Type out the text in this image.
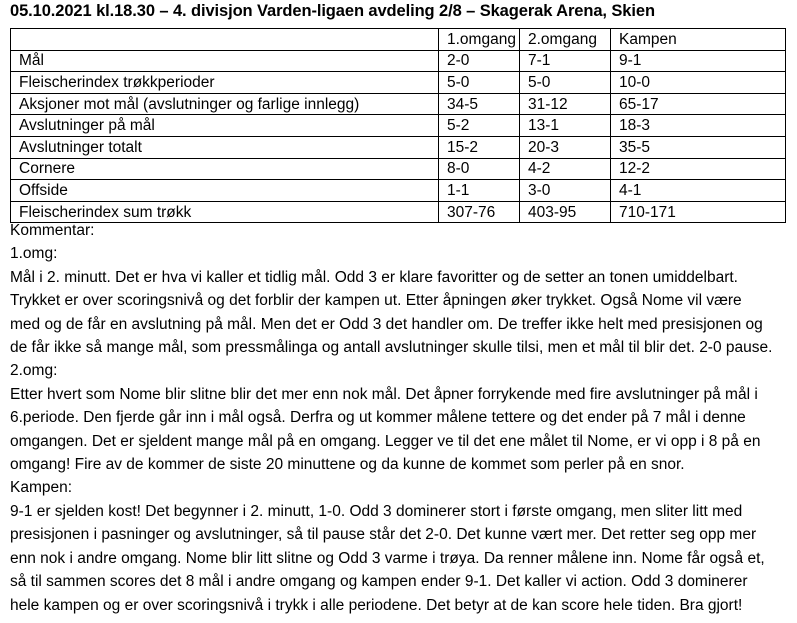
05.10.2021 kl.18.30 – 4. divisjon Varden-ligaen avdeling 2/8 – Skagerak Arena, Skien
	1.omgang	2.omgang	Kampen
Mål	2-0	7-1	9-1
Fleischerindex trøkkperioder	5-0	5-0	10-0
Aksjoner mot mål (avslutninger og farlige innlegg)	34-5	31-12	65-17
Avslutninger på mål	5-2	13-1	18-3
Avslutninger totalt	15-2	20-3	35-5
Cornere	8-0	4-2	12-2
Offside	1-1	3-0	4-1
Fleischerindex sum trøkk	307-76	403-95	710-171
Kommentar:
1.omg:
Mål i 2. minutt. Det er hva vi kaller et tidlig mål. Odd 3 er klare favoritter og de setter an tonen umiddelbart.
Trykket er over scoringsnivå og det forblir der kampen ut. Etter åpningen øker trykket. Også Nome vil være
med og de får en avslutning på mål. Men det er Odd 3 det handler om. De treffer ikke helt med presisjonen og
de får ikke så mange mål, som pressmålinga og antall avslutninger skulle tilsi, men et mål til blir det. 2-0 pause.
2.omg:
Etter hvert som Nome blir slitne blir det mer enn nok mål. Det åpner forrykende med fire avslutninger på mål i
6.periode. Den fjerde går inn i mål også. Derfra og ut kommer målene tettere og det ender på 7 mål i denne
omgangen. Det er sjeldent mange mål på en omgang. Legger ve til det ene målet til Nome, er vi opp i 8 på en
omgang! Fire av de kommer de siste 20 minuttene og da kunne de kommet som perler på en snor.
Kampen:
9-1 er sjelden kost! Det begynner i 2. minutt, 1-0. Odd 3 dominerer stort i første omgang, men sliter litt med
presisjonen i pasninger og avslutninger, så til pause står det 2-0. Det kunne vært mer. Det retter seg opp mer
enn nok i andre omgang. Nome blir litt slitne og Odd 3 varme i trøya. Da renner målene inn. Nome får også et,
så til sammen scores det 8 mål i andre omgang og kampen ender 9-1. Det kaller vi action. Odd 3 dominerer
hele kampen og er over scoringsnivå i trykk i alle periodene. Det betyr at de kan score hele tiden. Bra gjort!
